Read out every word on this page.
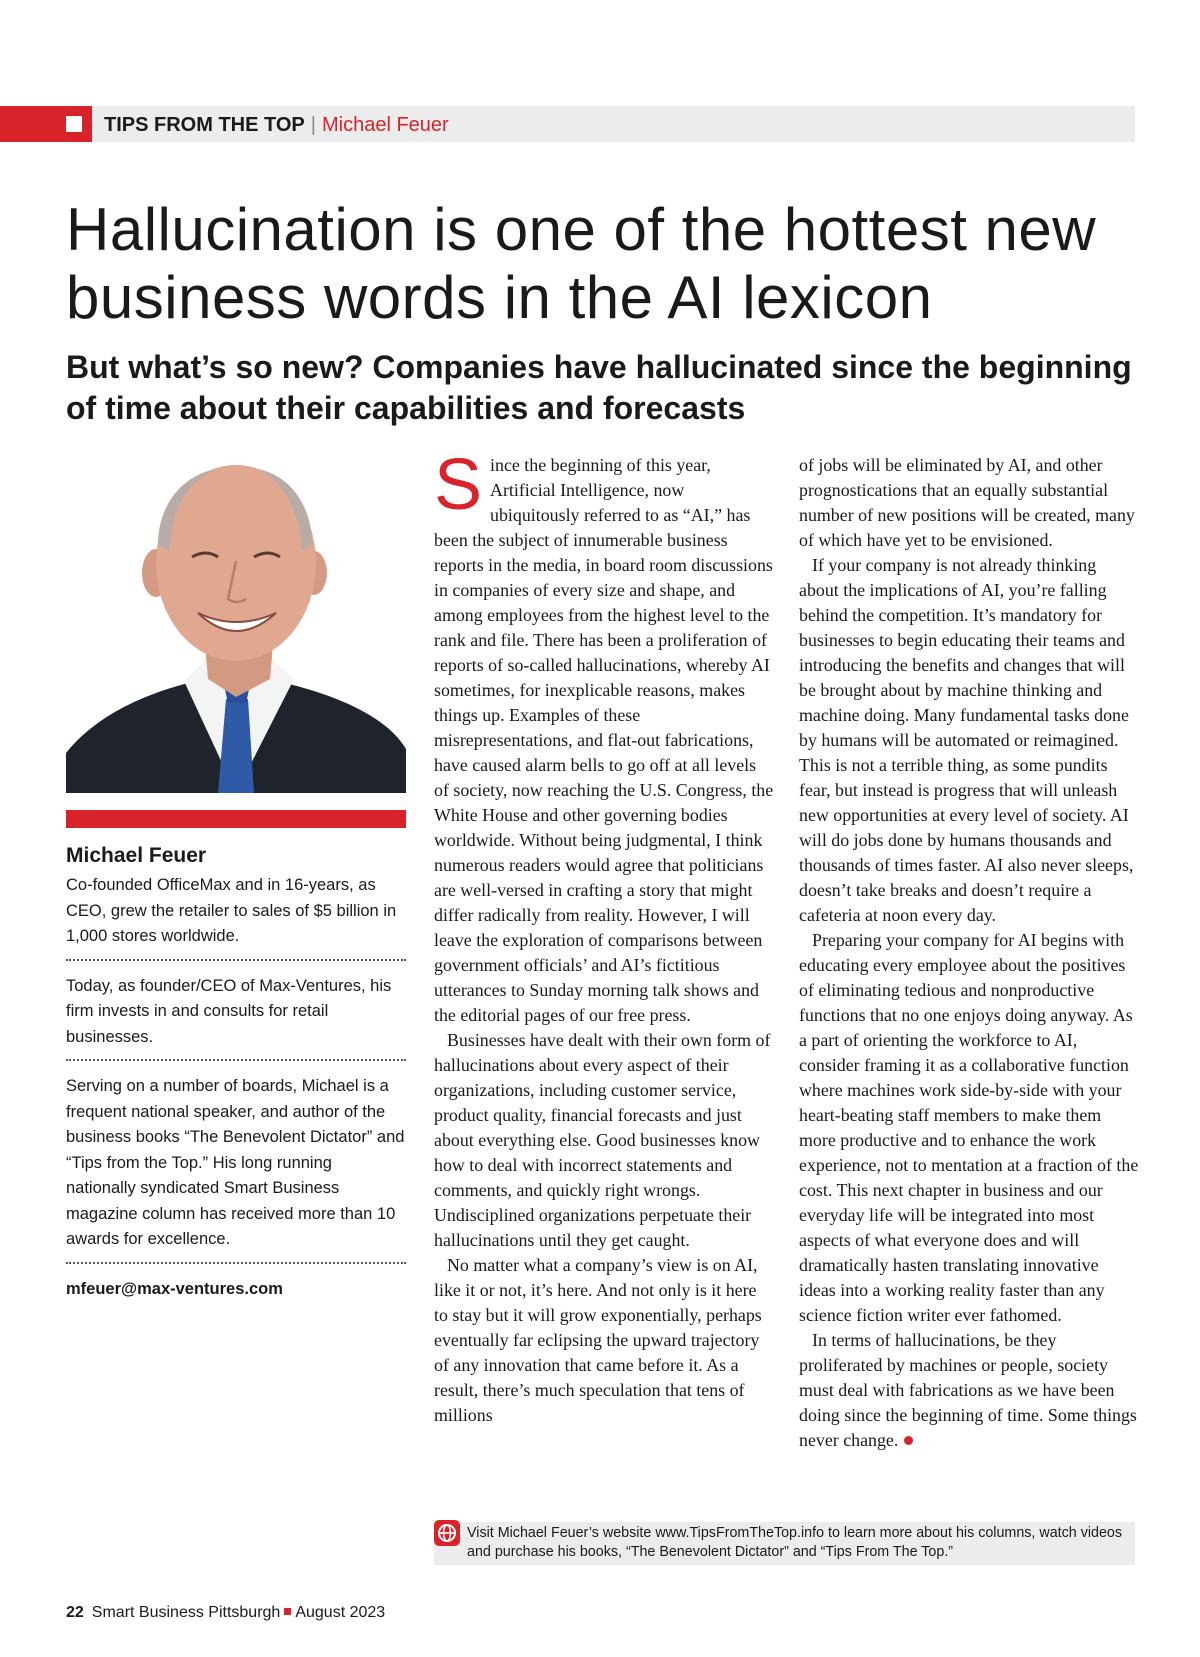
TIPS FROM THE TOP | Michael Feuer
Hallucination is one of the hottest new business words in the AI lexicon
But what’s so new? Companies have hallucinated since the beginning of time about their capabilities and forecasts

Michael Feuer

Co-founded OfficeMax and in 16-years, as CEO, grew the retailer to sales of $5 billion in 1,000 stores worldwide.

Today, as founder/CEO of Max-Ventures, his firm invests in and consults for retail businesses.

Serving on a number of boards, Michael is a frequent national speaker, and author of the business books “The Benevolent Dictator” and “Tips from the Top.” His long running nationally syndicated Smart Business magazine column has received more than 10 awards for excellence.

mfeuer@max-ventures.com

Since the beginning of this year, Artificial Intelligence, now ubiquitously referred to as “AI,” has been the subject of innumerable business reports in the media, in board room discussions in companies of every size and shape, and among employees from the highest level to the rank and file. There has been a proliferation of reports of so-called hallucinations, whereby AI sometimes, for inexplicable reasons, makes things up. Examples of these misrepresentations, and flat-out fabrications, have caused alarm bells to go off at all levels of society, now reaching the U.S. Congress, the White House and other governing bodies worldwide. Without being judgmental, I think numerous readers would agree that politicians are well-versed in crafting a story that might differ radically from reality. However, I will leave the exploration of comparisons between government officials’ and AI’s fictitious utterances to Sunday morning talk shows and the editorial pages of our free press.

Businesses have dealt with their own form of hallucinations about every aspect of their organizations, including customer service, product quality, financial forecasts and just about everything else. Good businesses know how to deal with incorrect statements and comments, and quickly right wrongs. Undisciplined organizations perpetuate their hallucinations until they get caught.

No matter what a company’s view is on AI, like it or not, it’s here. And not only is it here to stay but it will grow exponentially, perhaps eventually far eclipsing the upward trajectory of any innovation that came before it. As a result, there’s much speculation that tens of millions

of jobs will be eliminated by AI, and other prognostications that an equally substantial number of new positions will be created, many of which have yet to be envisioned.

If your company is not already thinking about the implications of AI, you’re falling behind the competition. It’s mandatory for businesses to begin educating their teams and introducing the benefits and changes that will be brought about by machine thinking and machine doing. Many fundamental tasks done by humans will be automated or reimagined. This is not a terrible thing, as some pundits fear, but instead is progress that will unleash new opportunities at every level of society. AI will do jobs done by humans thousands and thousands of times faster. AI also never sleeps, doesn’t take breaks and doesn’t require a cafeteria at noon every day.

Preparing your company for AI begins with educating every employee about the positives of eliminating tedious and nonproductive functions that no one enjoys doing anyway. As a part of orienting the workforce to AI, consider framing it as a collaborative function where machines work side-by-side with your heart-beating staff members to make them more productive and to enhance the work experience, not to mentation at a fraction of the cost. This next chapter in business and our everyday life will be integrated into most aspects of what everyone does and will dramatically hasten translating innovative ideas into a working reality faster than any science fiction writer ever fathomed.

In terms of hallucinations, be they proliferated by machines or people, society must deal with fabrications as we have been doing since the beginning of time. Some things never change.

Visit Michael Feuer’s website www.TipsFromTheTop.info to learn more about his columns, watch videos and purchase his books, “The Benevolent Dictator” and “Tips From The Top.”

22 Smart Business Pittsburgh August 2023
